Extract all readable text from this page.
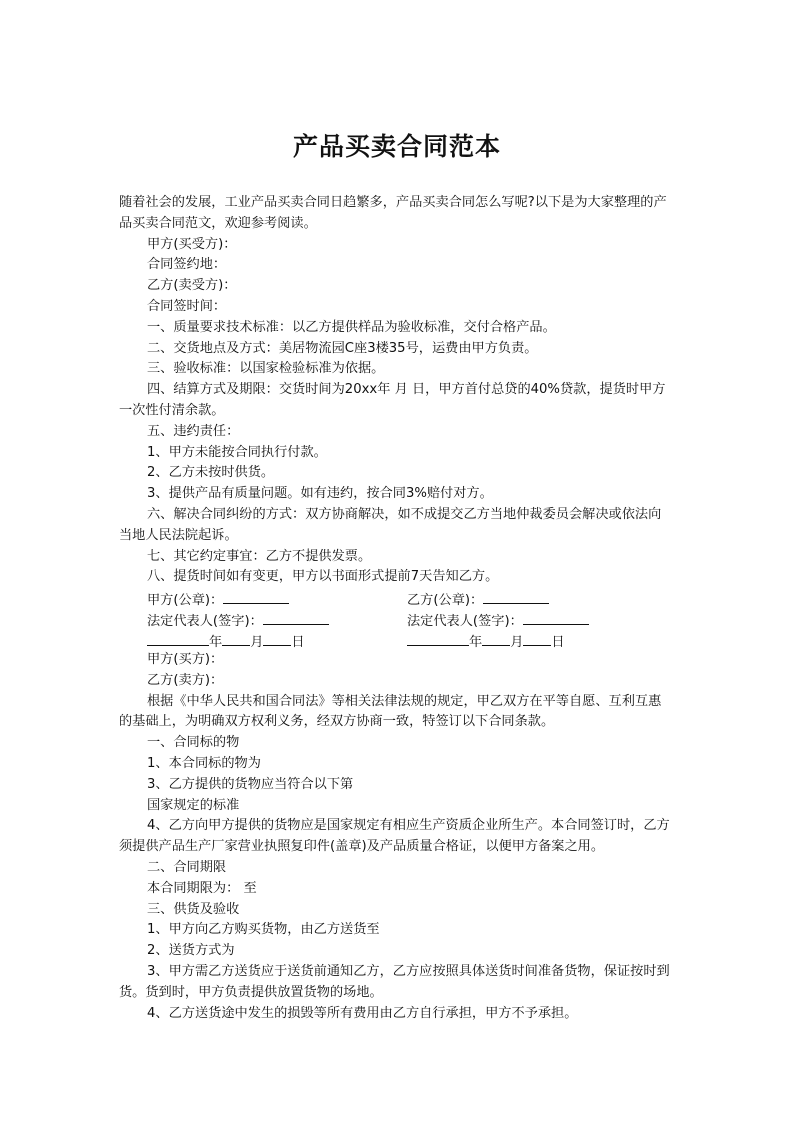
产品买卖合同范本

随着社会的发展，工业产品买卖合同日趋繁多，产品买卖合同怎么写呢?以下是为大家整理的产品买卖合同范文，欢迎参考阅读。

甲方(买受方)：

合同签约地：

乙方(卖受方)：

合同签时间：

一、质量要求技术标准：以乙方提供样品为验收标准，交付合格产品。

二、交货地点及方式：美居物流园C座3楼35号，运费由甲方负责。

三、验收标准：以国家检验标准为依据。

四、结算方式及期限：交货时间为20xx年 月 日，甲方首付总贷的40%贷款，提货时甲方一次性付清余款。

五、违约责任：

1、甲方未能按合同执行付款。

2、乙方未按时供货。

3、提供产品有质量问题。如有违约，按合同3%赔付对方。

六、解决合同纠纷的方式：双方协商解决，如不成提交乙方当地仲裁委员会解决或依法向当地人民法院起诉。

七、其它约定事宜：乙方不提供发票。

八、提货时间如有变更，甲方以书面形式提前7天告知乙方。

甲方(公章)：	乙方(公章)：
法定代表人(签字)：	法定代表人(签字)：
年 月 日	年 月 日

甲方(买方)：

乙方(卖方)：

根据《中华人民共和国合同法》等相关法律法规的规定，甲乙双方在平等自愿、互利互惠的基础上，为明确双方权利义务，经双方协商一致，特签订以下合同条款。

一、合同标的物

1、本合同标的物为

3、乙方提供的货物应当符合以下第

国家规定的标准

4、乙方向甲方提供的货物应是国家规定有相应生产资质企业所生产。本合同签订时，乙方须提供产品生产厂家营业执照复印件(盖章)及产品质量合格证，以便甲方备案之用。

二、合同期限

本合同期限为： 至

三、供货及验收

1、甲方向乙方购买货物，由乙方送货至

2、送货方式为

3、甲方需乙方送货应于送货前通知乙方，乙方应按照具体送货时间准备货物，保证按时到货。货到时，甲方负责提供放置货物的场地。

4、乙方送货途中发生的损毁等所有费用由乙方自行承担，甲方不予承担。
